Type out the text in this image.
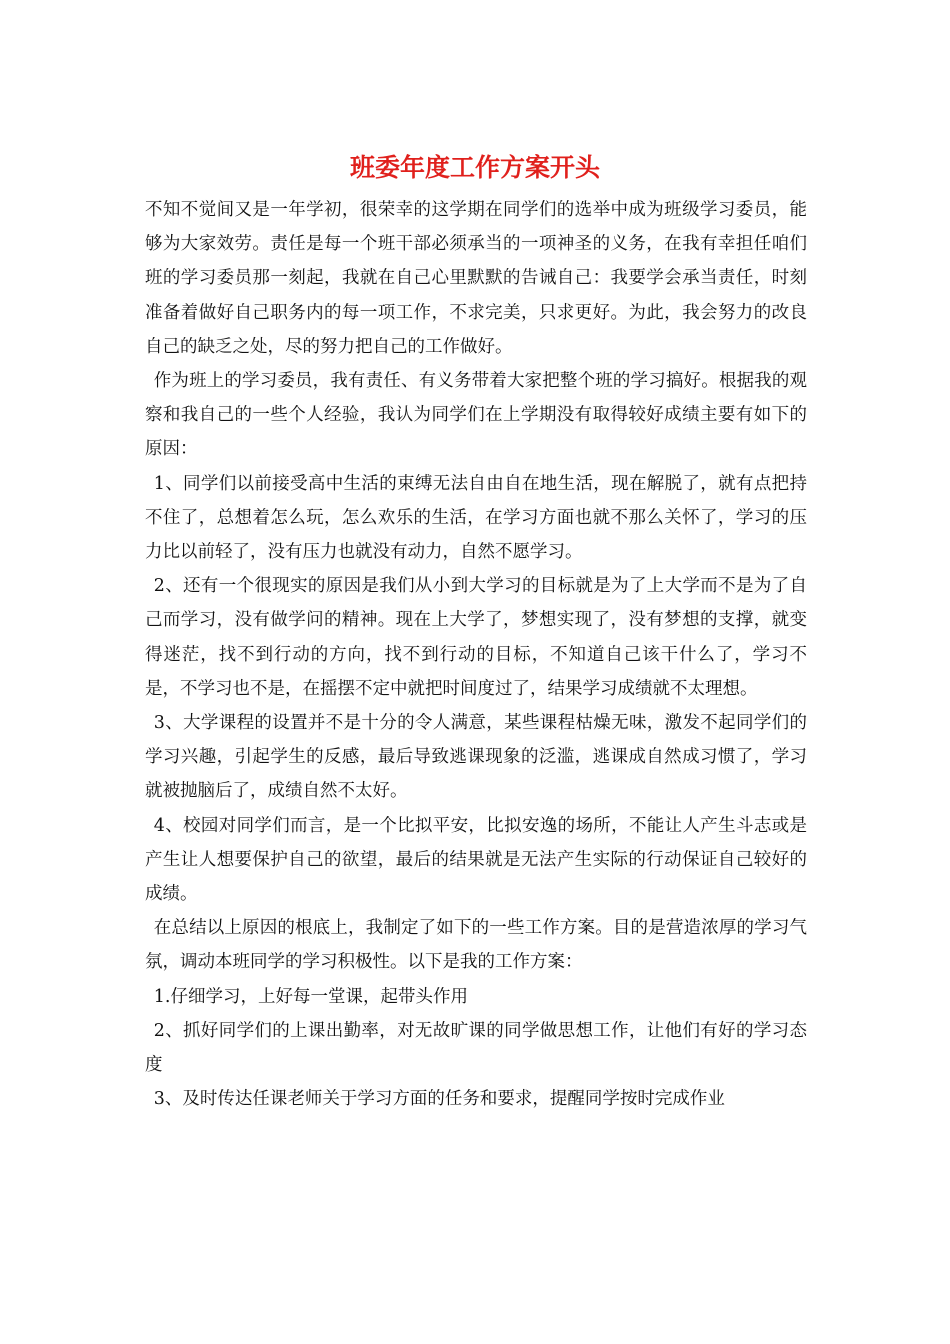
班委年度工作方案开头

不知不觉间又是一年学初，很荣幸的这学期在同学们的选举中成为班级学习委员，能够为大家效劳。责任是每一个班干部必须承当的一项神圣的义务，在我有幸担任咱们班的学习委员那一刻起，我就在自己心里默默的告诫自己：我要学会承当责任，时刻准备着做好自己职务内的每一项工作，不求完美，只求更好。为此，我会努力的改良自己的缺乏之处，尽的努力把自己的工作做好。

作为班上的学习委员，我有责任、有义务带着大家把整个班的学习搞好。根据我的观察和我自己的一些个人经验，我认为同学们在上学期没有取得较好成绩主要有如下的原因：

1、同学们以前接受高中生活的束缚无法自由自在地生活，现在解脱了，就有点把持不住了，总想着怎么玩，怎么欢乐的生活，在学习方面也就不那么关怀了，学习的压力比以前轻了，没有压力也就没有动力，自然不愿学习。

2、还有一个很现实的原因是我们从小到大学习的目标就是为了上大学而不是为了自己而学习，没有做学问的精神。现在上大学了，梦想实现了，没有梦想的支撑，就变得迷茫，找不到行动的方向，找不到行动的目标，不知道自己该干什么了，学习不是，不学习也不是，在摇摆不定中就把时间度过了，结果学习成绩就不太理想。

3、大学课程的设置并不是十分的令人满意，某些课程枯燥无味，激发不起同学们的学习兴趣，引起学生的反感，最后导致逃课现象的泛滥，逃课成自然成习惯了，学习就被抛脑后了，成绩自然不太好。

4、校园对同学们而言，是一个比拟平安，比拟安逸的场所，不能让人产生斗志或是产生让人想要保护自己的欲望，最后的结果就是无法产生实际的行动保证自己较好的成绩。

在总结以上原因的根底上，我制定了如下的一些工作方案。目的是营造浓厚的学习气氛，调动本班同学的学习积极性。以下是我的工作方案：

1.仔细学习，上好每一堂课，起带头作用

2、抓好同学们的上课出勤率，对无故旷课的同学做思想工作，让他们有好的学习态度

3、及时传达任课老师关于学习方面的任务和要求，提醒同学按时完成作业
